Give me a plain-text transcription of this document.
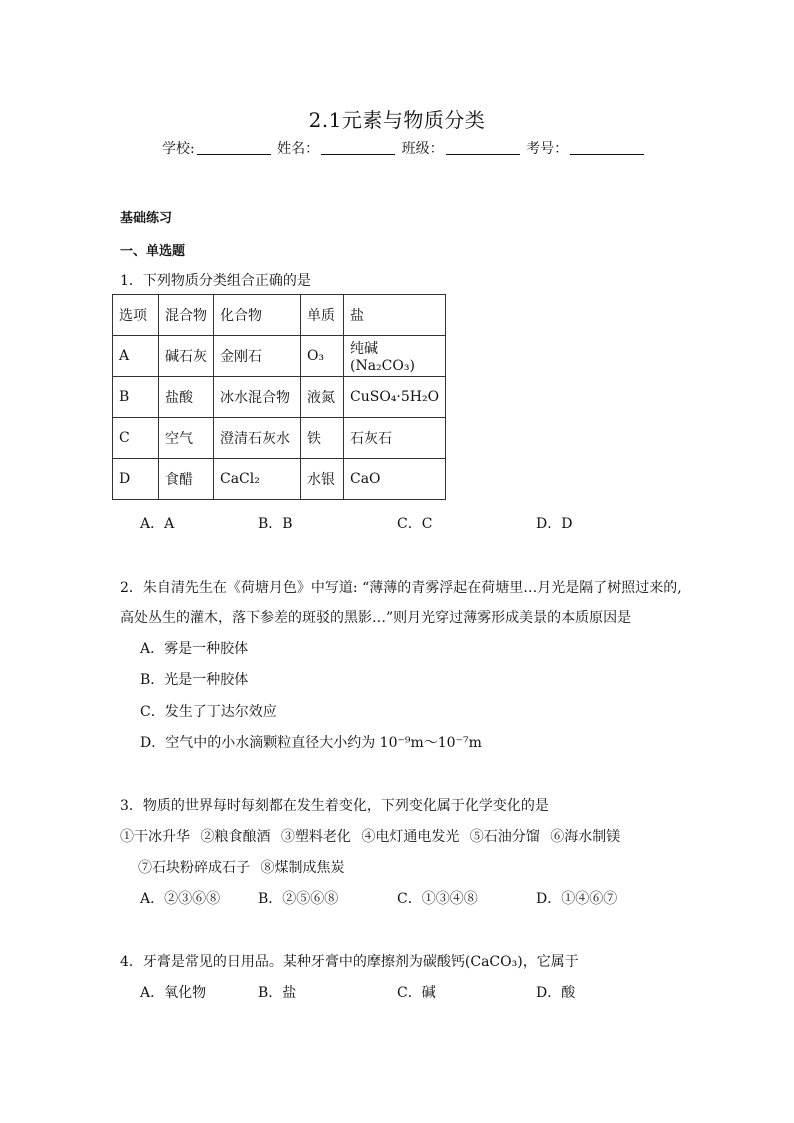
2.1元素与物质分类
学校:	姓名：	班级：	考号：
基础练习
一、单选题
1．下列物质分类组合正确的是
选项	混合物	化合物	单质	盐
A	碱石灰	金刚石	O₃	纯碱(Na₂CO₃)
B	盐酸	冰水混合物	液氮	CuSO₄·5H₂O
C	空气	澄清石灰水	铁	石灰石
D	食醋	CaCl₂	水银	CaO
A．A	B．B	C．C	D．D
2．朱自清先生在《荷塘月色》中写道: “薄薄的青雾浮起在荷塘里…月光是隔了树照过来的,
高处丛生的灌木，落下参差的斑驳的黑影…”则月光穿过薄雾形成美景的本质原因是
A．雾是一种胶体
B．光是一种胶体
C．发生了丁达尔效应
D．空气中的小水滴颗粒直径大小约为 10⁻⁹m～10⁻⁷m
3．物质的世界每时每刻都在发生着变化，下列变化属于化学变化的是
①干冰升华 ②粮食酿酒 ③塑料老化 ④电灯通电发光 ⑤石油分馏 ⑥海水制镁
⑦石块粉碎成石子 ⑧煤制成焦炭
A．②③⑥⑧	B．②⑤⑥⑧	C．①③④⑧	D．①④⑥⑦
4．牙膏是常见的日用品。某种牙膏中的摩擦剂为碳酸钙(CaCO₃)，它属于
A．氧化物	B．盐	C．碱	D．酸
